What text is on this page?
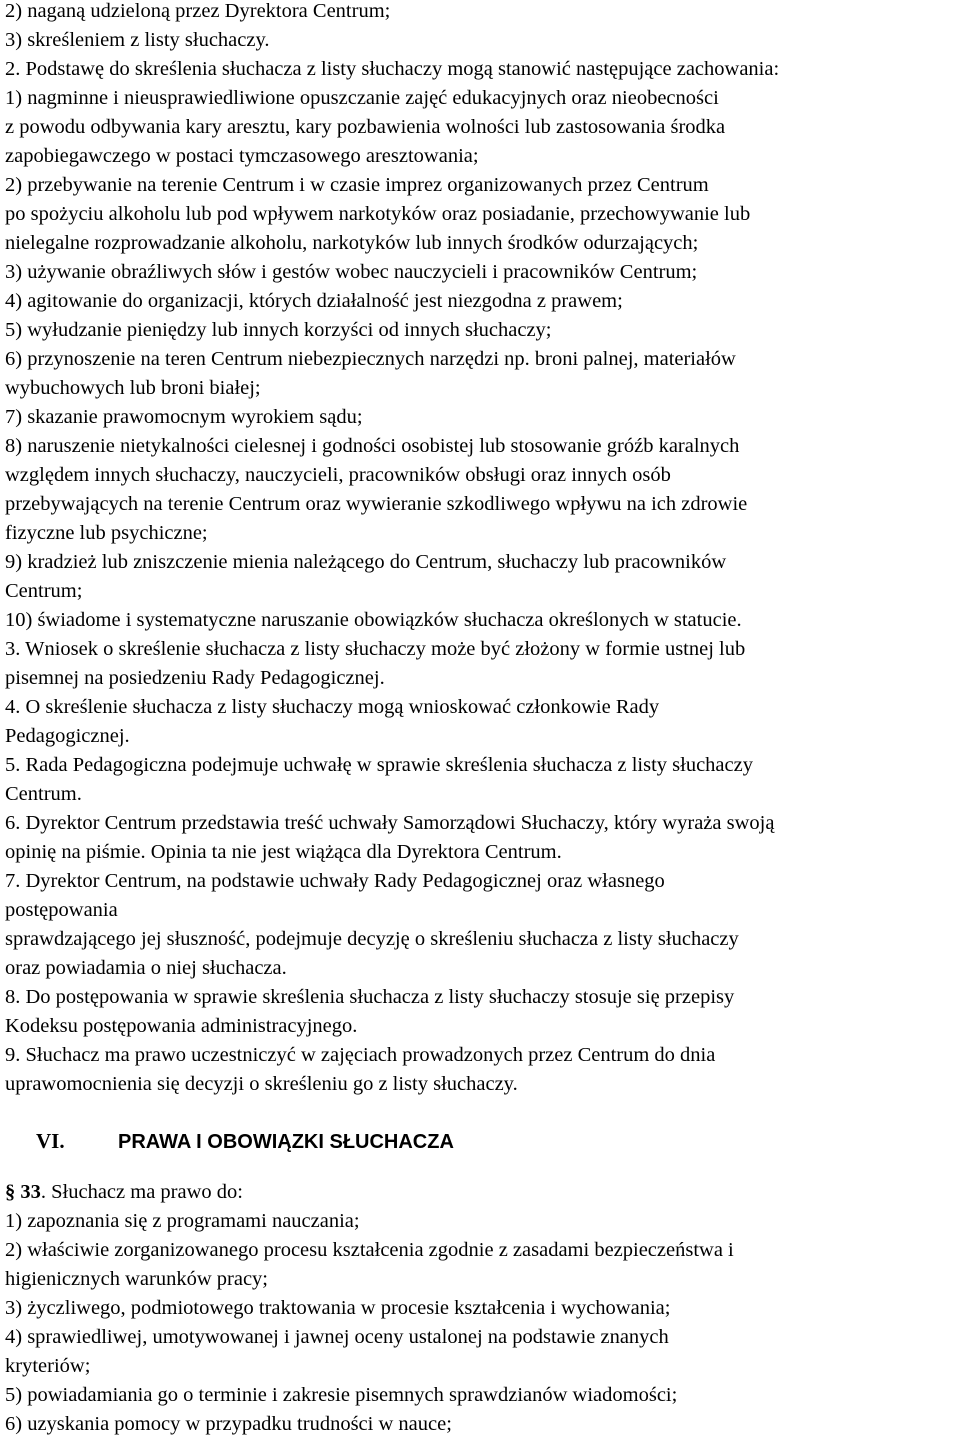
2) naganą udzieloną przez Dyrektora Centrum;
3) skreśleniem z listy słuchaczy.
2. Podstawę do skreślenia słuchacza z listy słuchaczy mogą stanowić następujące zachowania:
1) nagminne i nieusprawiedliwione opuszczanie zajęć edukacyjnych oraz nieobecności
z powodu odbywania kary aresztu, kary pozbawienia wolności lub zastosowania środka
zapobiegawczego w postaci tymczasowego aresztowania;
2) przebywanie na terenie Centrum i w czasie imprez organizowanych przez Centrum
po spożyciu alkoholu lub pod wpływem narkotyków oraz posiadanie, przechowywanie lub
nielegalne rozprowadzanie alkoholu, narkotyków lub innych środków odurzających;
3) używanie obraźliwych słów i gestów wobec nauczycieli i pracowników Centrum;
4) agitowanie do organizacji, których działalność jest niezgodna z prawem;
5) wyłudzanie pieniędzy lub innych korzyści od innych słuchaczy;
6) przynoszenie na teren Centrum niebezpiecznych narzędzi np. broni palnej, materiałów
wybuchowych lub broni białej;
7) skazanie prawomocnym wyrokiem sądu;
8) naruszenie nietykalności cielesnej i godności osobistej lub stosowanie gróźb karalnych
względem innych słuchaczy, nauczycieli, pracowników obsługi oraz innych osób
przebywających na terenie Centrum oraz wywieranie szkodliwego wpływu na ich zdrowie
fizyczne lub psychiczne;
9) kradzież lub zniszczenie mienia należącego do Centrum, słuchaczy lub pracowników
Centrum;
10) świadome i systematyczne naruszanie obowiązków słuchacza określonych w statucie.
3. Wniosek o skreślenie słuchacza z listy słuchaczy może być złożony w formie ustnej lub
pisemnej na posiedzeniu Rady Pedagogicznej.
4. O skreślenie słuchacza z listy słuchaczy mogą wnioskować członkowie Rady
Pedagogicznej.
5. Rada Pedagogiczna podejmuje uchwałę w sprawie skreślenia słuchacza z listy słuchaczy
Centrum.
6. Dyrektor Centrum przedstawia treść uchwały Samorządowi Słuchaczy, który wyraża swoją
opinię na piśmie. Opinia ta nie jest wiążąca dla Dyrektora Centrum.
7. Dyrektor Centrum, na podstawie uchwały Rady Pedagogicznej oraz własnego
postępowania
sprawdzającego jej słuszność, podejmuje decyzję o skreśleniu słuchacza z listy słuchaczy
oraz powiadamia o niej słuchacza.
8. Do postępowania w sprawie skreślenia słuchacza z listy słuchaczy stosuje się przepisy
Kodeksu postępowania administracyjnego.
9. Słuchacz ma prawo uczestniczyć w zajęciach prowadzonych przez Centrum do dnia
uprawomocnienia się decyzji o skreśleniu go z listy słuchaczy.
VI.	PRAWA I OBOWIĄZKI SŁUCHACZA
§ 33. Słuchacz ma prawo do:
1) zapoznania się z programami nauczania;
2) właściwie zorganizowanego procesu kształcenia zgodnie z zasadami bezpieczeństwa i
higienicznych warunków pracy;
3) życzliwego, podmiotowego traktowania w procesie kształcenia i wychowania;
4) sprawiedliwej, umotywowanej i jawnej oceny ustalonej na podstawie znanych
kryteriów;
5) powiadamiania go o terminie i zakresie pisemnych sprawdzianów wiadomości;
6) uzyskania pomocy w przypadku trudności w nauce;
